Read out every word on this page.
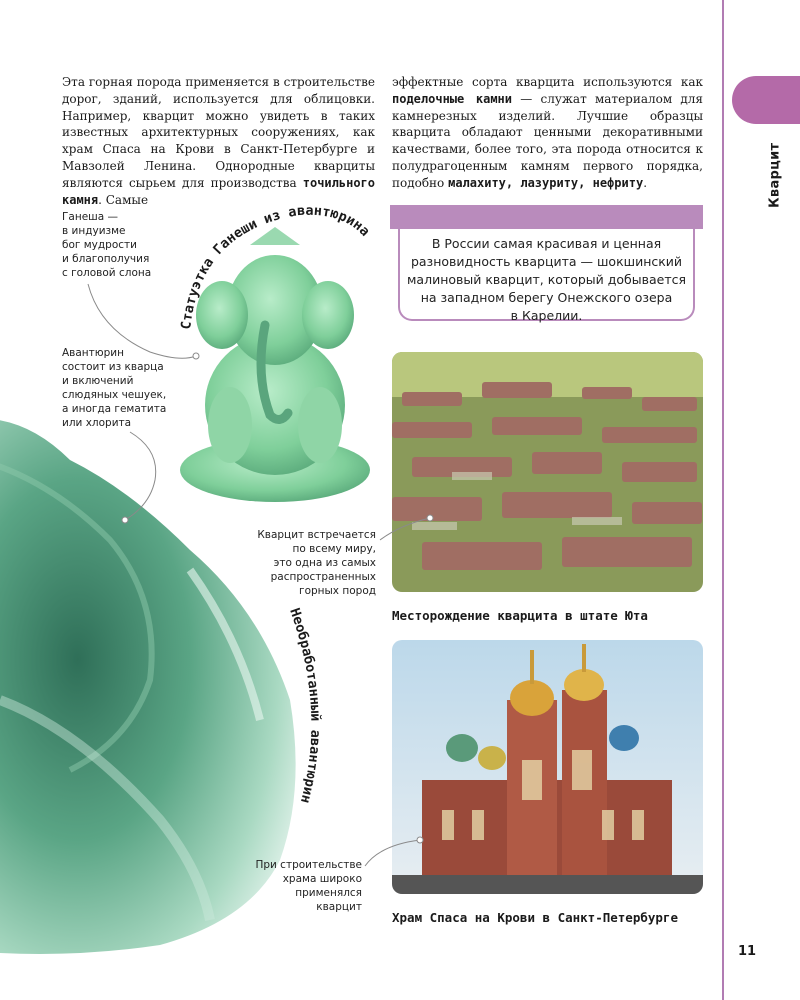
Кварцит
11
Эта горная порода применяется в строительстве дорог, зданий, используется для облицовки. Например, кварцит можно увидеть в таких известных архитектурных сооружениях, как храм Спаса на Крови в Санкт-Петербурге и Мавзолей Ленина. Однородные кварциты являются сырьем для производства точильного камня. Самые
эффектные сорта кварцита используются как поделочные камни — служат материалом для камнерезных изделий. Лучшие образцы кварцита обладают ценными декоративными качествами, более того, эта порода относится к полудрагоценным камням первого порядка, подобно малахиту, лазуриту, нефриту.
В России самая красивая и ценная
разновидность кварцита — шокшинский
малиновый кварцит, который добывается
на западном берегу Онежского озера
в Карелии.
Месторождение кварцита в штате Юта
Храм Спаса на Крови в Санкт-Петербурге
Ганеша —
в индуизме
бог мудрости
и благополучия
с головой слона
Авантюрин
состоит из кварца
и включений
слюдяных чешуек,
а иногда гематита
или хлорита
Кварцит встречается
по всему миру,
это одна из самых
распространенных
горных пород
При строительстве
храма широко
применялся
кварцит
Статуэтка Ганеши из авантюрина
Необработанный авантюрин
